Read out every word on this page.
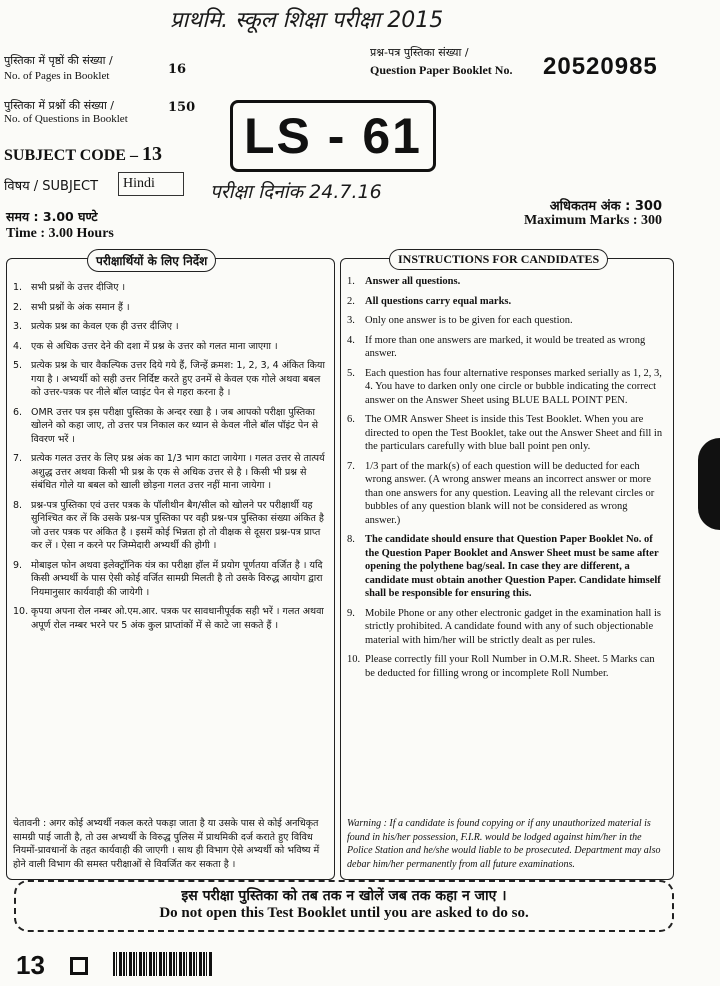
प्राथमि. स्कूल शिक्षा परीक्षा 2015
पुस्तिका में पृष्ठों की संख्या /
No. of Pages in Booklet	16
पुस्तिका में प्रश्नों की संख्या /
No. of Questions in Booklet
150
प्रश्न-पत्र पुस्तिका संख्या /
Question Paper Booklet No. 20520985
LS - 61
SUBJECT CODE – 13
विषय / SUBJECT	Hindi	परीक्षा दिनांक 24.7.16
समय : 3.00 घण्टे
Time : 3.00 Hours
अधिकतम अंक : 300
Maximum Marks : 300
परीक्षार्थियों के लिए निर्देश
1. सभी प्रश्नों के उत्तर दीजिए ।
2. सभी प्रश्नों के अंक समान हैं ।
3. प्रत्येक प्रश्न का केवल एक ही उत्तर दीजिए ।
4. एक से अधिक उत्तर देने की दशा में प्रश्न के उत्तर को गलत माना जाएगा ।
5. प्रत्येक प्रश्न के चार वैकल्पिक उत्तर दिये गये हैं, जिन्हें क्रमश: 1, 2, 3, 4 अंकित किया गया है । अभ्यर्थी को सही उत्तर निर्दिष्ट करते हुए उनमें से केवल एक गोले अथवा बबल को उत्तर-पत्रक पर नीले बॉल प्वाइंट पेन से गहरा करना है ।
6. OMR उत्तर पत्र इस परीक्षा पुस्तिका के अन्दर रखा है । जब आपको परीक्षा पुस्तिका खोलने को कहा जाए, तो उत्तर पत्र निकाल कर ध्यान से केवल नीले बॉल पॉइंट पेन से विवरण भरें ।
7. प्रत्येक गलत उत्तर के लिए प्रश्न अंक का 1/3 भाग काटा जायेगा । गलत उत्तर से तात्पर्य अशुद्ध उत्तर अथवा किसी भी प्रश्न के एक से अधिक उत्तर से है । किसी भी प्रश्न से संबंधित गोले या बबल को खाली छोड़ना गलत उत्तर नहीं माना जायेगा ।
8. प्रश्न-पत्र पुस्तिका एवं उत्तर पत्रक के पॉलीथीन बैग/सील को खोलने पर परीक्षार्थी यह सुनिश्चित कर लें कि उसके प्रश्न-पत्र पुस्तिका पर वही प्रश्न-पत्र पुस्तिका संख्या अंकित है जो उत्तर पत्रक पर अंकित है । इसमें कोई भिन्नता हो तो वीक्षक से दूसरा प्रश्न-पत्र प्राप्त कर लें । ऐसा न करने पर जिम्मेदारी अभ्यर्थी की होगी ।
9. मोबाइल फोन अथवा इलेक्ट्रॉनिक यंत्र का परीक्षा हॉल में प्रयोग पूर्णतया वर्जित है । यदि किसी अभ्यर्थी के पास ऐसी कोई वर्जित सामग्री मिलती है तो उसके विरुद्ध आयोग द्वारा नियमानुसार कार्यवाही की जायेगी ।
10. कृपया अपना रोल नम्बर ओ.एम.आर. पत्रक पर सावधानीपूर्वक सही भरें । गलत अथवा अपूर्ण रोल नम्बर भरने पर 5 अंक कुल प्राप्तांकों में से काटे जा सकते हैं ।
चेतावनी : अगर कोई अभ्यर्थी नकल करते पकड़ा जाता है या उसके पास से कोई अनधिकृत सामग्री पाई जाती है, तो उस अभ्यर्थी के विरुद्ध पुलिस में प्राथमिकी दर्ज कराते हुए विविध नियमों-प्रावधानों के तहत कार्यवाही की जाएगी । साथ ही विभाग ऐसे अभ्यर्थी को भविष्य में होने वाली विभाग की समस्त परीक्षाओं से विवर्जित कर सकता है ।
INSTRUCTIONS FOR CANDIDATES
1. Answer all questions.
2. All questions carry equal marks.
3. Only one answer is to be given for each question.
4. If more than one answers are marked, it would be treated as wrong answer.
5. Each question has four alternative responses marked serially as 1, 2, 3, 4. You have to darken only one circle or bubble indicating the correct answer on the Answer Sheet using BLUE BALL POINT PEN.
6. The OMR Answer Sheet is inside this Test Booklet. When you are directed to open the Test Booklet, take out the Answer Sheet and fill in the particulars carefully with blue ball point pen only.
7. 1/3 part of the mark(s) of each question will be deducted for each wrong answer. (A wrong answer means an incorrect answer or more than one answers for any question. Leaving all the relevant circles or bubbles of any question blank will not be considered as wrong answer.)
8. The candidate should ensure that Question Paper Booklet No. of the Question Paper Booklet and Answer Sheet must be same after opening the polythene bag/seal. In case they are different, a candidate must obtain another Question Paper. Candidate himself shall be responsible for ensuring this.
9. Mobile Phone or any other electronic gadget in the examination hall is strictly prohibited. A candidate found with any of such objectionable material with him/her will be strictly dealt as per rules.
10. Please correctly fill your Roll Number in O.M.R. Sheet. 5 Marks can be deducted for filling wrong or incomplete Roll Number.
Warning : If a candidate is found copying or if any unauthorized material is found in his/her possession, F.I.R. would be lodged against him/her in the Police Station and he/she would liable to be prosecuted. Department may also debar him/her permanently from all future examinations.
इस परीक्षा पुस्तिका को तब तक न खोलें जब तक कहा न जाए ।
Do not open this Test Booklet until you are asked to do so.
13
